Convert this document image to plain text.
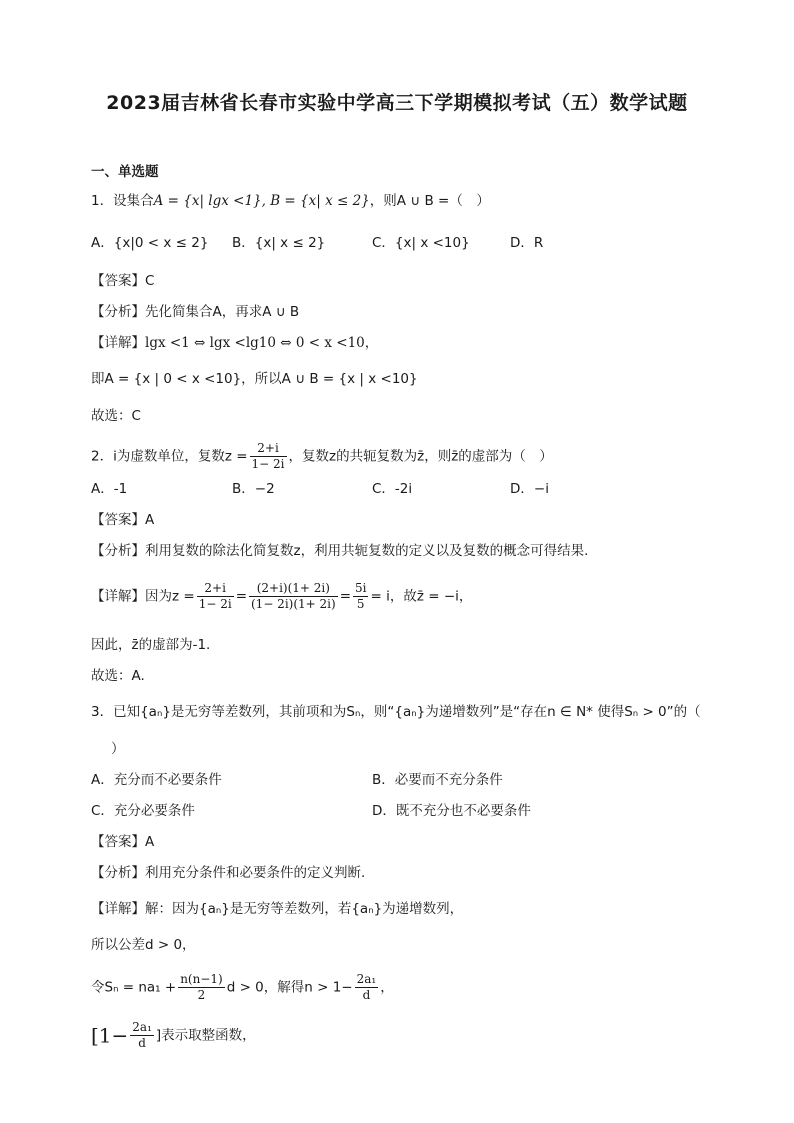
2023届吉林省长春市实验中学高三下学期模拟考试（五）数学试题
一、单选题
1．设集合A = {x| lgx <1}, B = {x| x ≤ 2}，则A ∪ B =（　）
A．{x|0 < x ≤ 2} B．{x| x ≤ 2}	C．{x| x <10}	D．R
【答案】C
【分析】先化简集合A，再求A ∪ B
【详解】lgx <1 ⇔ lgx <lg10 ⇔ 0 < x <10，
即A = {x | 0 < x <10}，所以A ∪ B = {x | x <10}
故选：C
2．i为虚数单位，复数$z = \frac{2+i}{1- 2i}$ ，复数z的共轭复数为z̄，则z̄的虚部为（　）
A．-1	B．−2	C．-2i	D．−i
【答案】A
【分析】利用复数的除法化简复数z，利用共轭复数的定义以及复数的概念可得结果.
【详解】因为$z = \frac{2+i}{1- 2i} = \frac{(2+i)(1+ 2i)}{(1- 2i)(1+ 2i)} = \frac{5i}{5} = i$，故z̄ = −i，
因此，z̄的虚部为-1.
故选：A.
3．已知{aₙ}是无穷等差数列，其前项和为Sₙ，则“{aₙ}为递增数列”是“存在n ∈ N* 使得Sₙ > 0”的（
）
A．充分而不必要条件	B．必要而不充分条件
C．充分必要条件	D．既不充分也不必要条件
【答案】A
【分析】利用充分条件和必要条件的定义判断.
【详解】解：因为{aₙ}是无穷等差数列，若{aₙ}为递增数列，
所以公差d > 0，
令$S_n = na_1 + \frac{n(n-1)}{2}$ d > 0，解得$n > 1- \frac{\text{2a₁}}{d}$ ，
[$1- \frac{\text{2a₁}}{d}$ ]表示取整函数，
